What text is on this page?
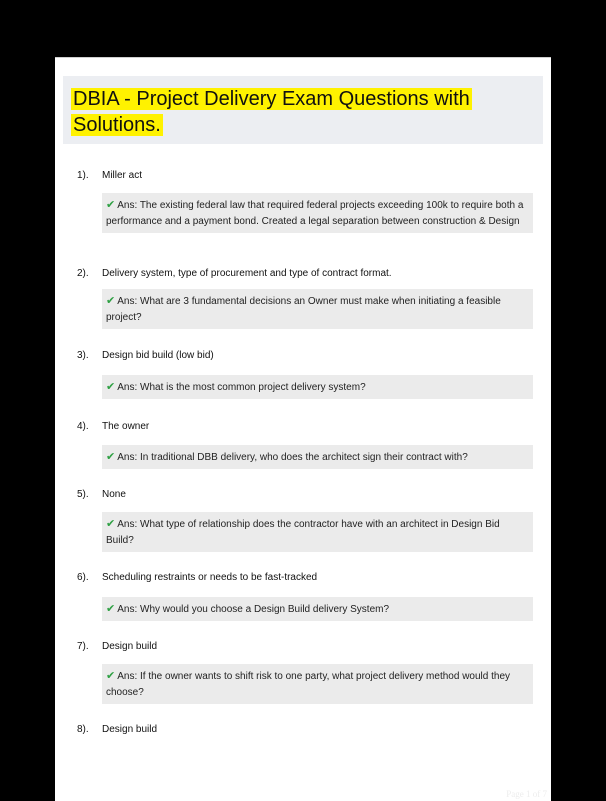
DBIA - Project Delivery Exam Questions with Solutions.
1). Miller act
✔ Ans: The existing federal law that required federal projects exceeding 100k to require both a performance and a payment bond. Created a legal separation between construction & Design
2). Delivery system, type of procurement and type of contract format.
✔ Ans: What are 3 fundamental decisions an Owner must make when initiating a feasible project?
3). Design bid build (low bid)
✔ Ans: What is the most common project delivery system?
4). The owner
✔ Ans: In traditional DBB delivery, who does the architect sign their contract with?
5). None
✔ Ans: What type of relationship does the contractor have with an architect in Design Bid Build?
6). Scheduling restraints or needs to be fast-tracked
✔ Ans: Why would you choose a Design Build delivery System?
7). Design build
✔ Ans: If the owner wants to shift risk to one party, what project delivery method would they choose?
8). Design build
Page 1 of 7
